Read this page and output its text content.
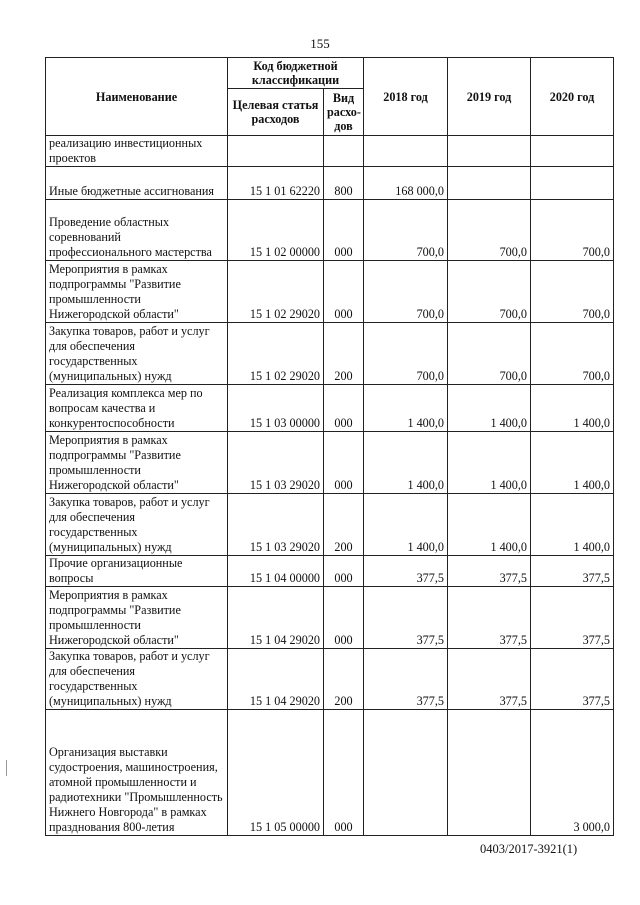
155
Наименование	Код бюджетной классификации		2018 год	2019 год	2020 год
	Целевая статья расходов	Вид расхо-дов			
реализацию инвестиционных проектов					
Иные бюджетные ассигнования	15 1 01 62220	800	168 000,0		
Проведение областных соревнований профессионального мастерства	15 1 02 00000	000	700,0	700,0	700,0
Мероприятия в рамках подпрограммы "Развитие промышленности Нижегородской области"	15 1 02 29020	000	700,0	700,0	700,0
Закупка товаров, работ и услуг для обеспечения государственных (муниципальных) нужд	15 1 02 29020	200	700,0	700,0	700,0
Реализация комплекса мер по вопросам качества и конкурентоспособности	15 1 03 00000	000	1 400,0	1 400,0	1 400,0
Мероприятия в рамках подпрограммы "Развитие промышленности Нижегородской области"	15 1 03 29020	000	1 400,0	1 400,0	1 400,0
Закупка товаров, работ и услуг для обеспечения государственных (муниципальных) нужд	15 1 03 29020	200	1 400,0	1 400,0	1 400,0
Прочие организационные вопросы	15 1 04 00000	000	377,5	377,5	377,5
Мероприятия в рамках подпрограммы "Развитие промышленности Нижегородской области"	15 1 04 29020	000	377,5	377,5	377,5
Закупка товаров, работ и услуг для обеспечения государственных (муниципальных) нужд	15 1 04 29020	200	377,5	377,5	377,5
Организация выставки судостроения, машиностроения, атомной промышленности и радиотехники "Промышленность Нижнего Новгорода" в рамках празднования 800-летия	15 1 05 00000	000			3 000,0
0403/2017-3921(1)
